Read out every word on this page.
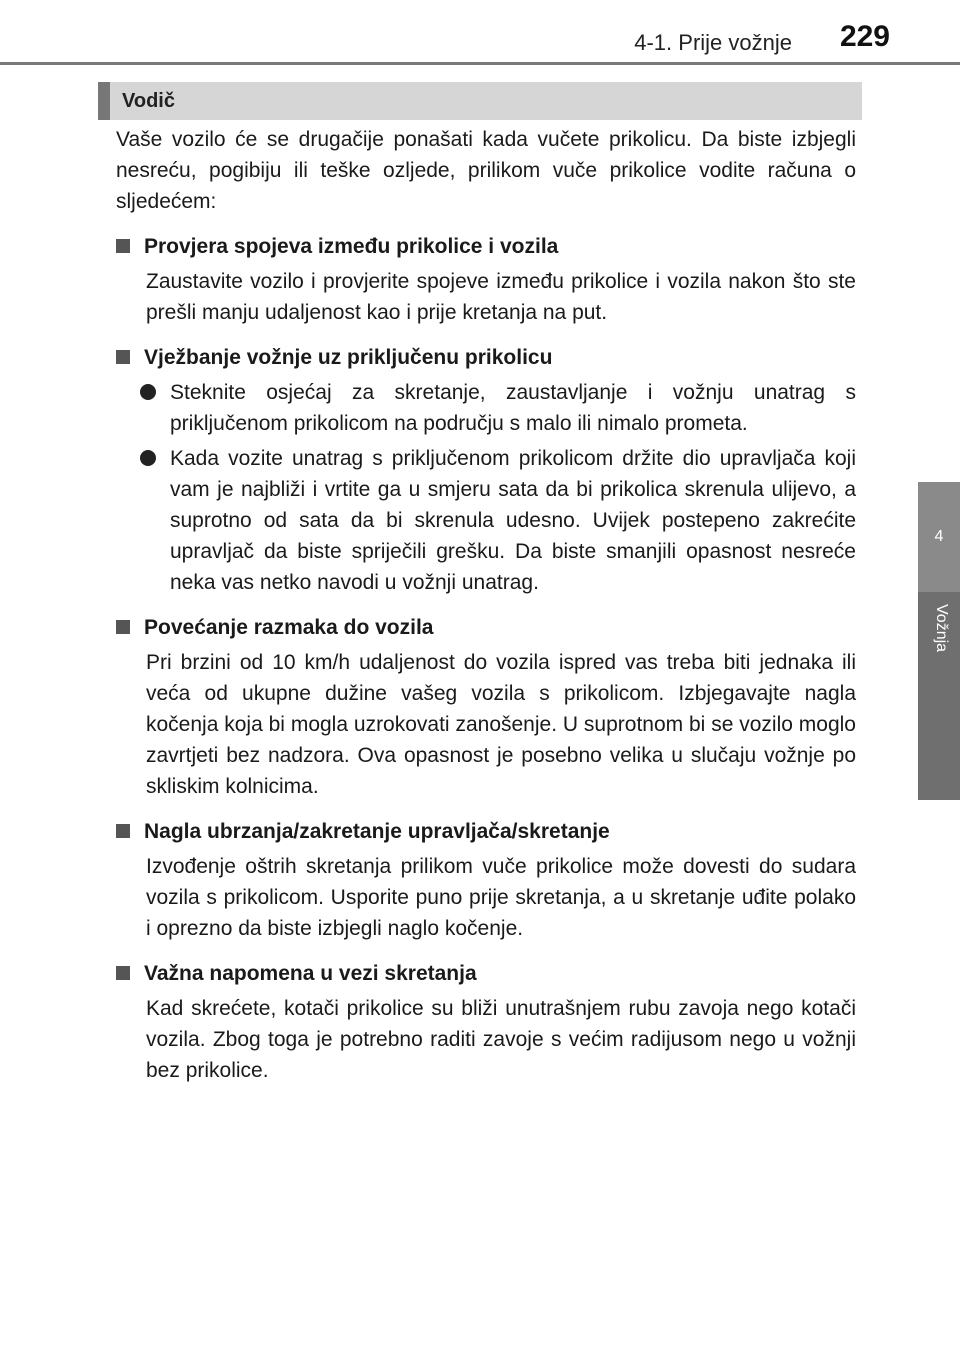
4-1. Prije vožnje 229
4
Vožnja
Vodič

Vaše vozilo će se drugačije ponašati kada vučete prikolicu. Da biste izbjegli nesreću, pogibiju ili teške ozljede, prilikom vuče prikolice vodite računa o sljedećem:

Provjera spojeva između prikolice i vozila

Zaustavite vozilo i provjerite spojeve između prikolice i vozila nakon što ste prešli manju udaljenost kao i prije kretanja na put.

Vježbanje vožnje uz priključenu prikolicu
Steknite osjećaj za skretanje, zaustavljanje i vožnju unatrag s priključenom prikolicom na području s malo ili nimalo prometa.
Kada vozite unatrag s priključenom prikolicom držite dio upravljača koji vam je najbliži i vrtite ga u smjeru sata da bi prikolica skrenula ulijevo, a suprotno od sata da bi skrenula udesno. Uvijek postepeno zakrećite upravljač da biste spriječili grešku. Da biste smanjili opasnost nesreće neka vas netko navodi u vožnji unatrag.
Povećanje razmaka do vozila

Pri brzini od 10 km/h udaljenost do vozila ispred vas treba biti jednaka ili veća od ukupne dužine vašeg vozila s prikolicom. Izbjegavajte nagla kočenja koja bi mogla uzrokovati zanošenje. U suprotnom bi se vozilo moglo zavrtjeti bez nadzora. Ova opasnost je posebno velika u slučaju vožnje po skliskim kolnicima.

Nagla ubrzanja/zakretanje upravljača/skretanje

Izvođenje oštrih skretanja prilikom vuče prikolice može dovesti do sudara vozila s prikolicom. Usporite puno prije skretanja, a u skretanje uđite polako i oprezno da biste izbjegli naglo kočenje.

Važna napomena u vezi skretanja

Kad skrećete, kotači prikolice su bliži unutrašnjem rubu zavoja nego kotači vozila. Zbog toga je potrebno raditi zavoje s većim radijusom nego u vožnji bez prikolice.
